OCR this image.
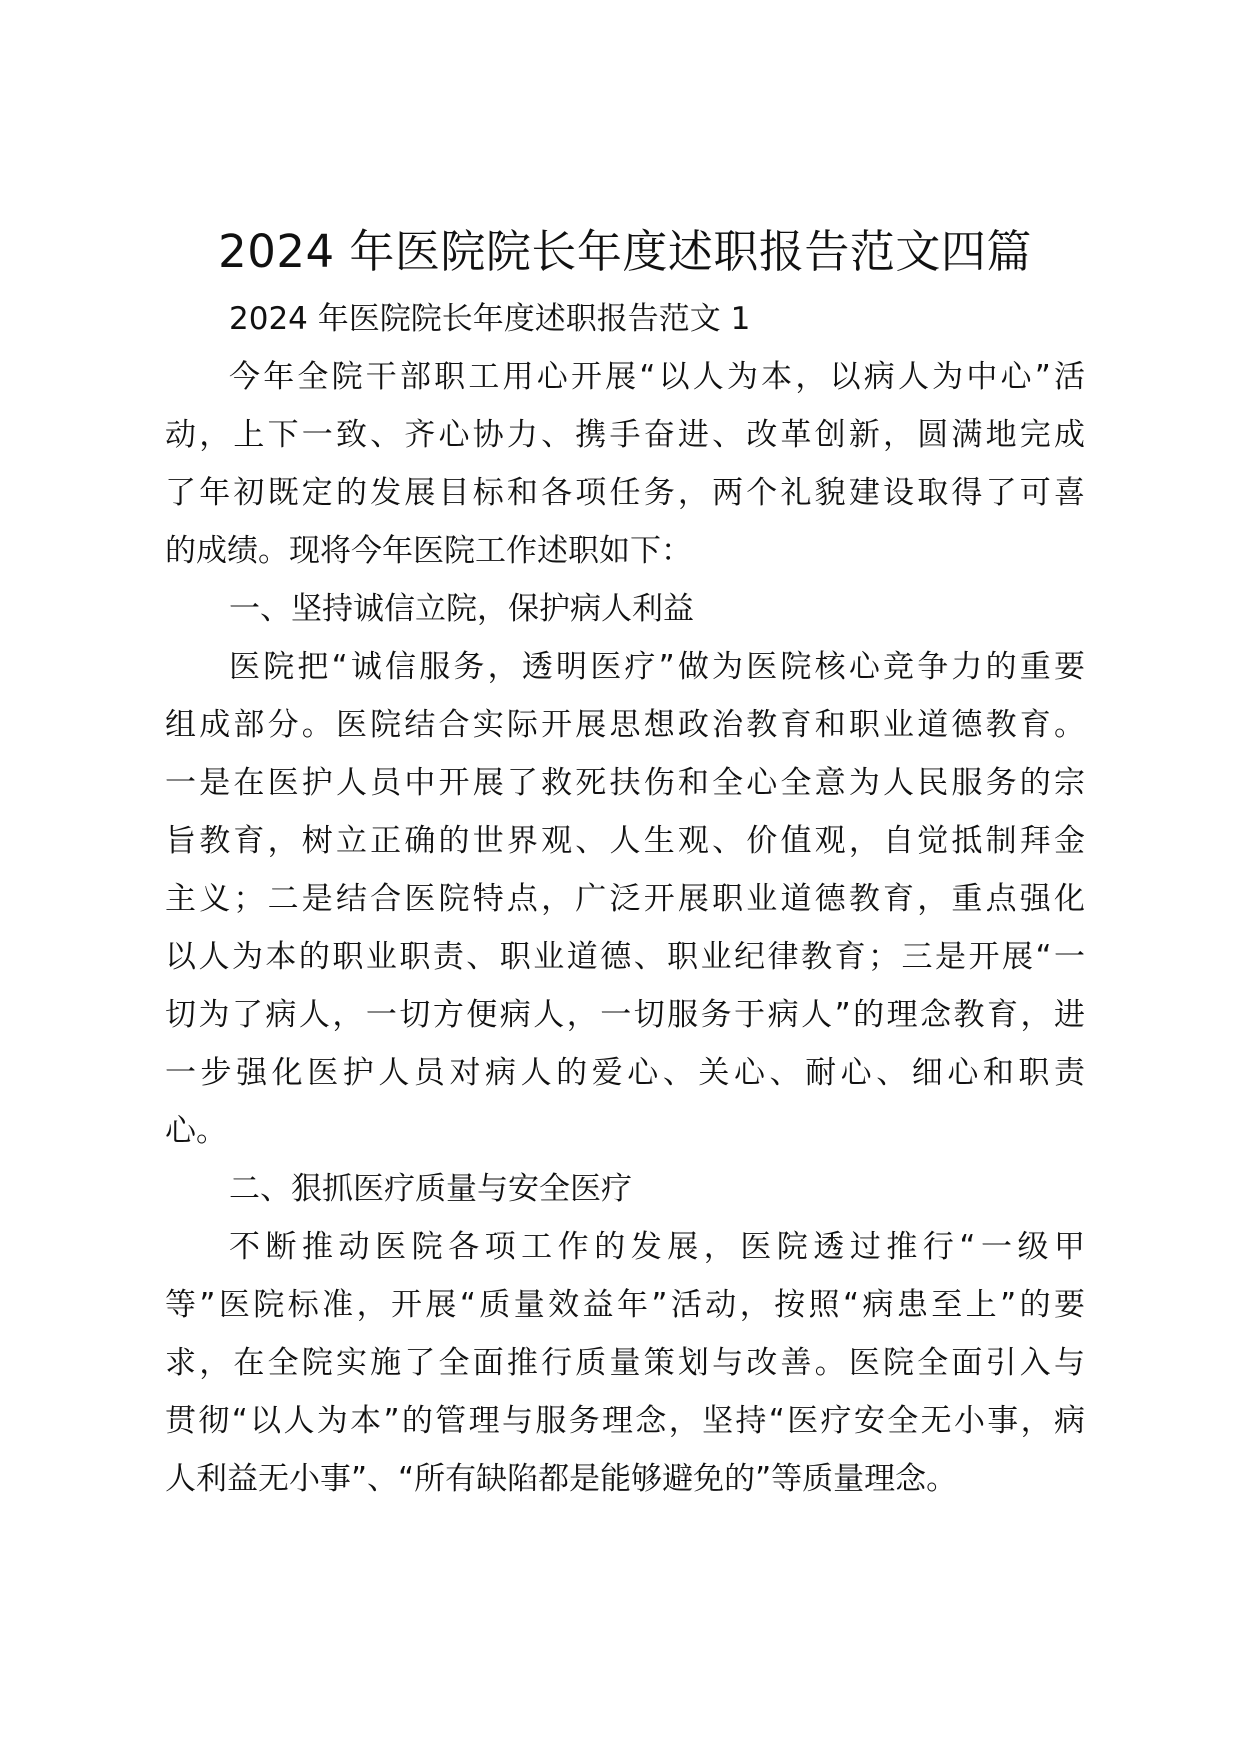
2024 年医院院长年度述职报告范文四篇
2024 年医院院长年度述职报告范文 1
今年全院干部职工用心开展“以人为本，以病人为中心”活
动，上下一致、齐心协力、携手奋进、改革创新，圆满地完成
了年初既定的发展目标和各项任务，两个礼貌建设取得了可喜
的成绩。现将今年医院工作述职如下：
一、坚持诚信立院，保护病人利益
医院把“诚信服务，透明医疗”做为医院核心竞争力的重要
组成部分。医院结合实际开展思想政治教育和职业道德教育。
一是在医护人员中开展了救死扶伤和全心全意为人民服务的宗
旨教育，树立正确的世界观、人生观、价值观，自觉抵制拜金
主义；二是结合医院特点，广泛开展职业道德教育，重点强化
以人为本的职业职责、职业道德、职业纪律教育；三是开展“一
切为了病人，一切方便病人，一切服务于病人”的理念教育，进
一步强化医护人员对病人的爱心、关心、耐心、细心和职责
心。
二、狠抓医疗质量与安全医疗
不断推动医院各项工作的发展，医院透过推行“一级甲
等”医院标准，开展“质量效益年”活动，按照“病患至上”的要
求，在全院实施了全面推行质量策划与改善。医院全面引入与
贯彻“以人为本”的管理与服务理念，坚持“医疗安全无小事，病
人利益无小事”、“所有缺陷都是能够避免的”等质量理念。
